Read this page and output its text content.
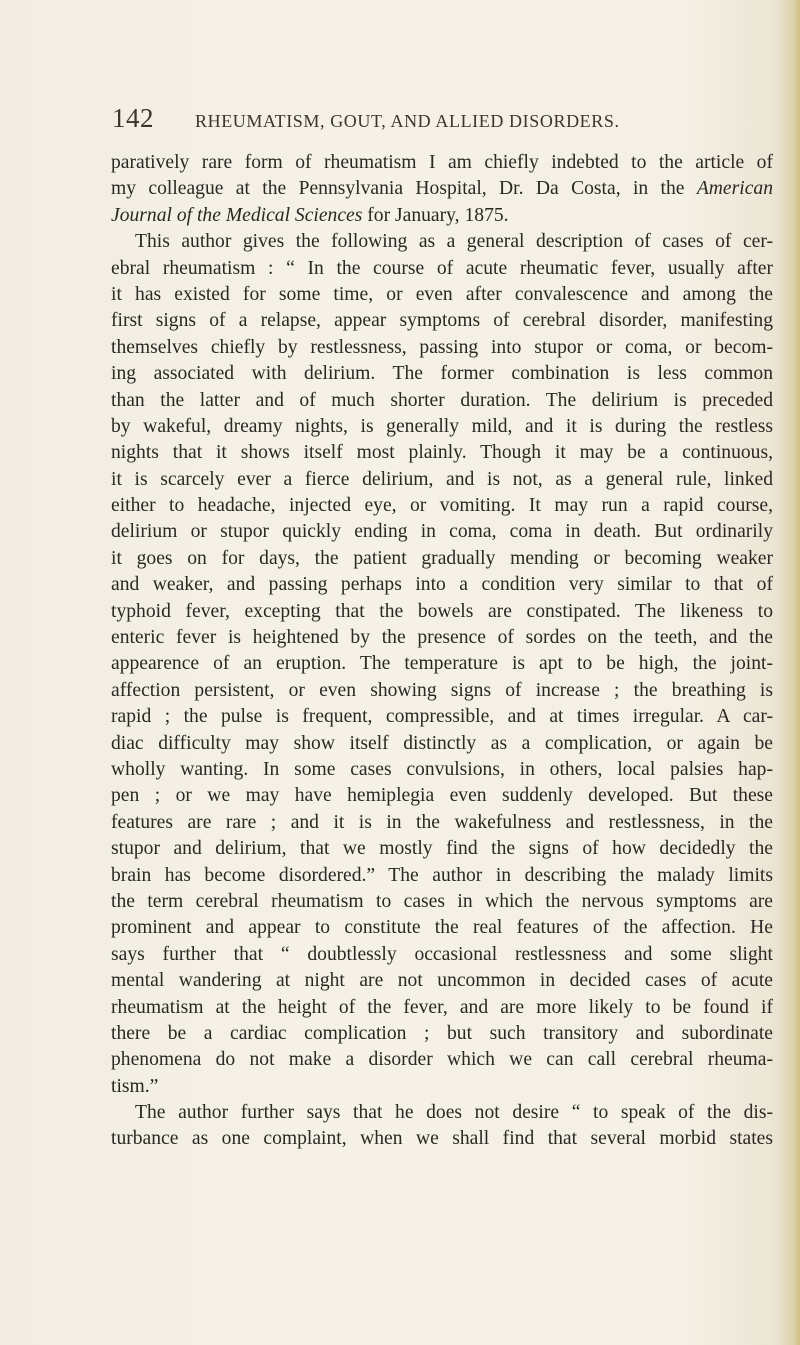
142 RHEUMATISM, GOUT, AND ALLIED DISORDERS.
paratively rare form of rheumatism I am chiefly indebted to the article of
my colleague at the Pennsylvania Hospital, Dr. Da Costa, in the American
Journal of the Medical Sciences for January, 1875.
This author gives the following as a general description of cases of cer-
ebral rheumatism : “ In the course of acute rheumatic fever, usually after
it has existed for some time, or even after convalescence and among the
first signs of a relapse, appear symptoms of cerebral disorder, manifesting
themselves chiefly by restlessness, passing into stupor or coma, or becom-
ing associated with delirium. The former combination is less common
than the latter and of much shorter duration. The delirium is preceded
by wakeful, dreamy nights, is generally mild, and it is during the restless
nights that it shows itself most plainly. Though it may be a continuous,
it is scarcely ever a fierce delirium, and is not, as a general rule, linked
either to headache, injected eye, or vomiting. It may run a rapid course,
delirium or stupor quickly ending in coma, coma in death. But ordinarily
it goes on for days, the patient gradually mending or becoming weaker
and weaker, and passing perhaps into a condition very similar to that of
typhoid fever, excepting that the bowels are constipated. The likeness to
enteric fever is heightened by the presence of sordes on the teeth, and the
appearence of an eruption. The temperature is apt to be high, the joint-
affection persistent, or even showing signs of increase ; the breathing is
rapid ; the pulse is frequent, compressible, and at times irregular. A car-
diac difficulty may show itself distinctly as a complication, or again be
wholly wanting. In some cases convulsions, in others, local palsies hap-
pen ; or we may have hemiplegia even suddenly developed. But these
features are rare ; and it is in the wakefulness and restlessness, in the
stupor and delirium, that we mostly find the signs of how decidedly the
brain has become disordered.” The author in describing the malady limits
the term cerebral rheumatism to cases in which the nervous symptoms are
prominent and appear to constitute the real features of the affection. He
says further that “ doubtlessly occasional restlessness and some slight
mental wandering at night are not uncommon in decided cases of acute
rheumatism at the height of the fever, and are more likely to be found if
there be a cardiac complication ; but such transitory and subordinate
phenomena do not make a disorder which we can call cerebral rheuma-
tism.”
The author further says that he does not desire “ to speak of the dis-
turbance as one complaint, when we shall find that several morbid states
